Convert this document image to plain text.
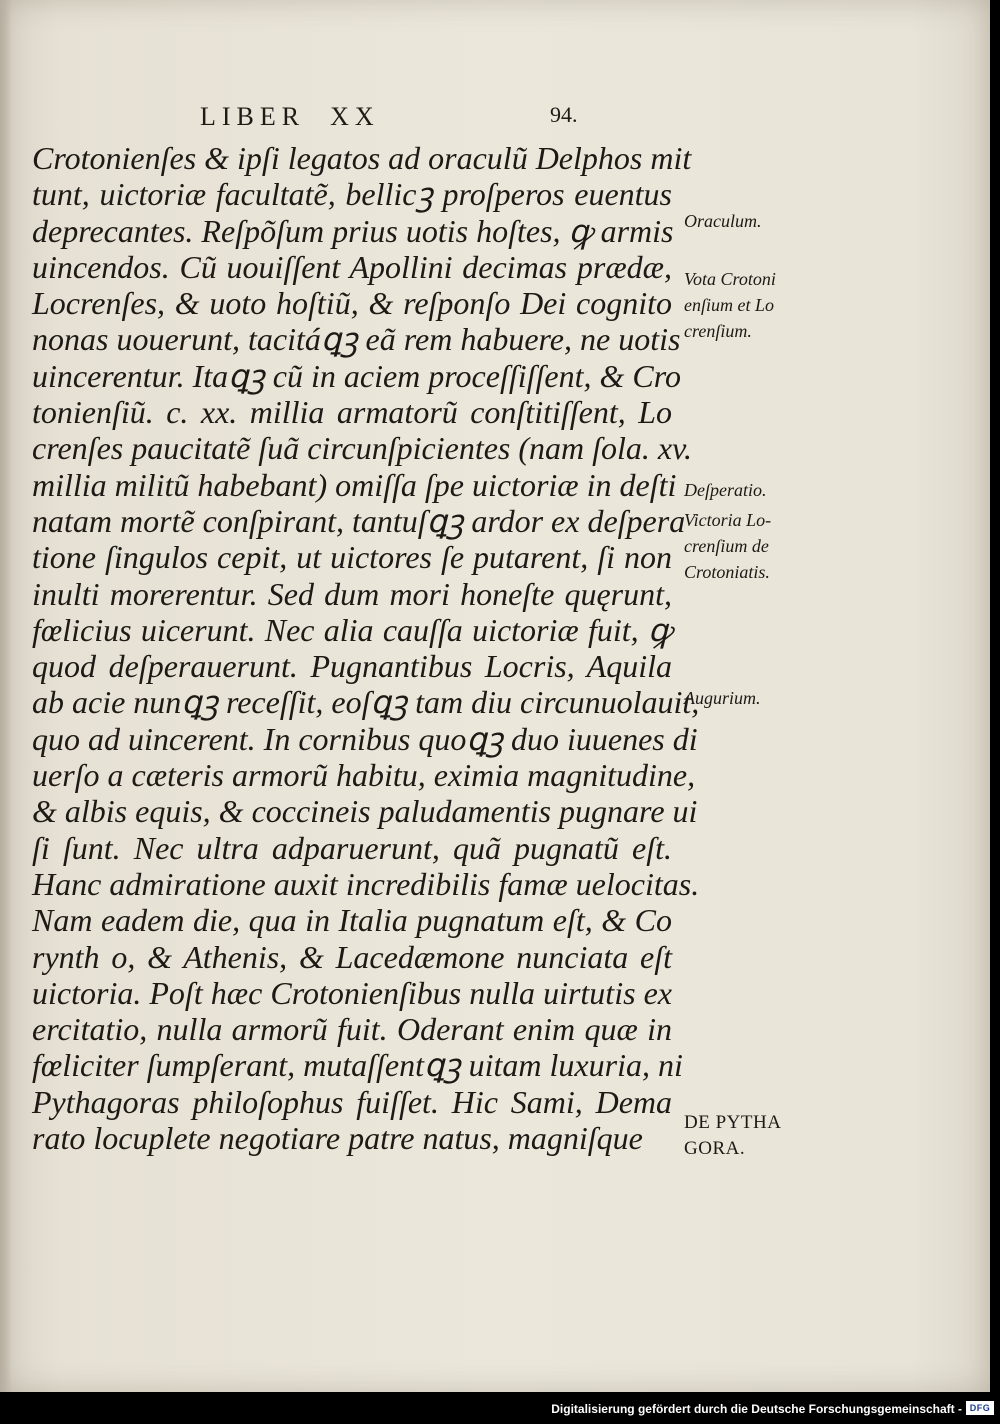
LIBER  XX	94.
Crotonienſes & ipſi legatos ad oraculũ Delphos mit
tunt, uictoriæ facultatẽ, bellicꝫ proſperos euentus
deprecantes. Reſpõſum prius uotis hoſtes, ꝙ armis
uincendos. Cũ uouiſſent Apollini decimas prædæ,
Locrenſes, & uoto hoſtiũ, & reſponſo Dei cognito
nonas uouerunt, tacitáꝗꝫ eã rem habuere, ne uotis
uincerentur. Itaꝗꝫ cũ in aciem proceſſiſſent, & Cro
tonienſiũ. c. xx. millia armatorũ conſtitiſſent, Lo
crenſes paucitatẽ ſuã circunſpicientes (nam ſola. xv.
millia militũ habebant) omiſſa ſpe uictoriæ in deſti
natam mortẽ conſpirant, tantuſꝗꝫ ardor ex deſpera
tione ſingulos cepit, ut uictores ſe putarent, ſi non
inulti morerentur. Sed dum mori honeſte quęrunt,
fœlicius uicerunt. Nec alia cauſſa uictoriæ fuit, ꝙ
quod deſperauerunt. Pugnantibus Locris, Aquila
ab acie nunꝗꝫ receſſit, eoſꝗꝫ tam diu circunuolauit,
quo ad uincerent. In cornibus quoꝗꝫ duo iuuenes di
uerſo a cæteris armorũ habitu, eximia magnitudine,
& albis equis, & coccineis paludamentis pugnare ui
ſi ſunt. Nec ultra adparuerunt, quã pugnatũ eſt.
Hanc admiratione auxit incredibilis famæ uelocitas.
Nam eadem die, qua in Italia pugnatum eſt, & Co
rynth o, & Athenis, & Lacedæmone nunciata eſt
uictoria. Poſt hæc Crotonienſibus nulla uirtutis ex
ercitatio, nulla armorũ fuit. Oderant enim quæ in
fœliciter ſumpſerant, mutaſſentꝗꝫ uitam luxuria, ni
Pythagoras philoſophus fuiſſet. Hic Sami, Dema
rato locuplete negotiare patre natus, magniſque
Oraculum.
Vota Crotoni
enſium et Lo
crenſium.
Deſperatio.
Victoria Lo-
crenſium de
Crotoniatis.
Augurium.
DE PYTHA
GORA.
Digitalisierung gefördert durch die Deutsche Forschungsgemeinschaft - DFG
